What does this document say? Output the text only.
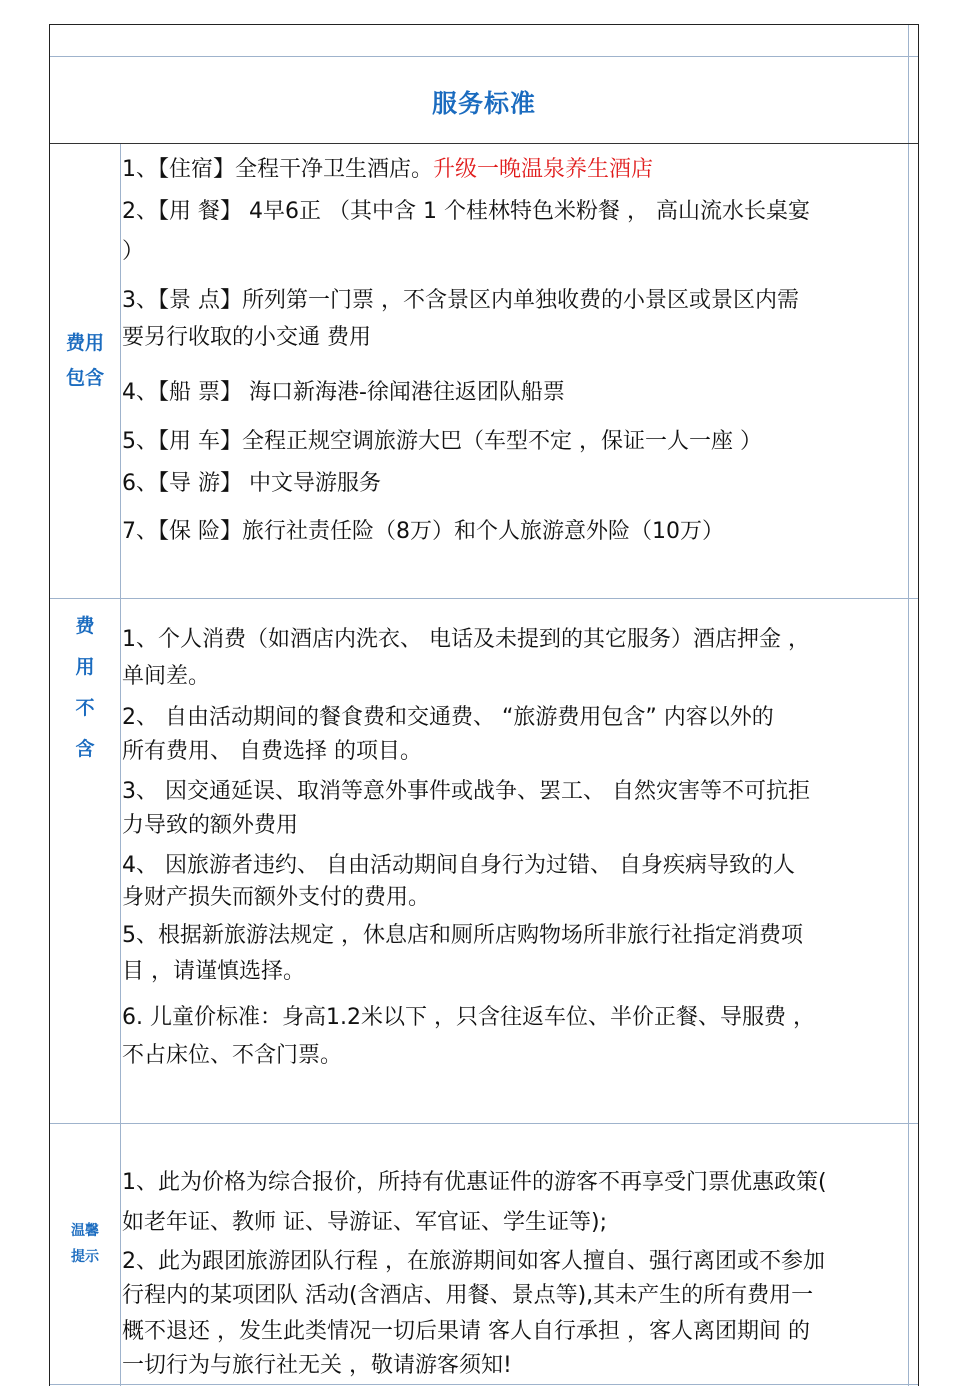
服务标准
费用
包含
1、【住宿】全程干净卫生酒店。升级一晚温泉养生酒店
2、【用 餐】 4早6正 （其中含 1 个桂林特色米粉餐 ， 高山流水长桌宴
）
3、【景 点】所列第一门票 ，不含景区内单独收费的小景区或景区内需
要另行收取的小交通 费用
4、【船 票】 海口新海港-徐闻港往返团队船票
5、【用 车】全程正规空调旅游大巴（车型不定 ，保证一人一座 ）
6、【导 游】 中文导游服务
7、【保 险】旅行社责任险（8万）和个人旅游意外险（10万）
费
用
不
含
1、个人消费（如酒店内洗衣、 电话及未提到的其它服务）酒店押金 ，
单间差。
2、 自由活动期间的餐食费和交通费、 “旅游费用包含” 内容以外的
所有费用、 自费选择 的项目。
3、 因交通延误、取消等意外事件或战争、罢工、 自然灾害等不可抗拒
力导致的额外费用
4、 因旅游者违约、 自由活动期间自身行为过错、 自身疾病导致的人
身财产损失而额外支付的费用。
5、根据新旅游法规定 ，休息店和厕所店购物场所非旅行社指定消费项
目 ，请谨慎选择。
6. 儿童价标准：身高1.2米以下 ，只含往返车位、半价正餐、导服费 ，
不占床位、不含门票。
温馨
提示
1、此为价格为综合报价，所持有优惠证件的游客不再享受门票优惠政策(
如老年证、教师 证、导游证、军官证、学生证等);
2、此为跟团旅游团队行程 ，在旅游期间如客人擅自、强行离团或不参加
行程内的某项团队 活动(含酒店、用餐、景点等),其未产生的所有费用一
概不退还 ，发生此类情况一切后果请 客人自行承担 ，客人离团期间 的
一切行为与旅行社无关 ，敬请游客须知!
